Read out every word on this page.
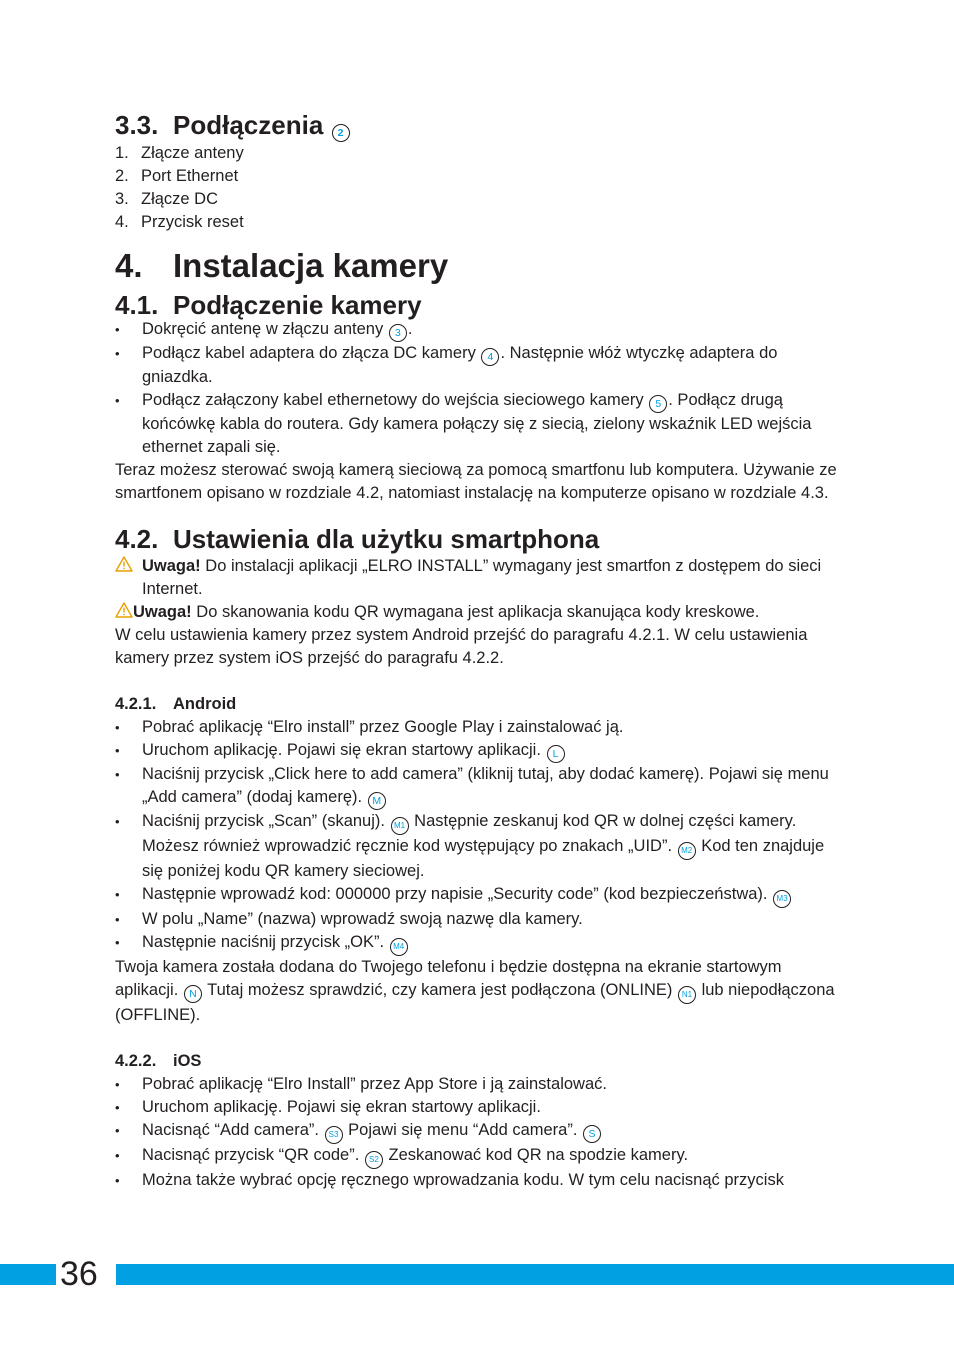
3.3. Podłączenia 2
1. Złącze anteny
2. Port Ethernet
3. Złącze DC
4. Przycisk reset
4. Instalacja kamery
4.1. Podłączenie kamery
• Dokręcić antenę w złączu anteny 3 .
• Podłącz kabel adaptera do złącza DC kamery 4 . Następnie włóż wtyczkę adaptera do gniazdka.
• Podłącz załączony kabel ethernetowy do wejścia sieciowego kamery 5 . Podłącz drugą końcówkę kabla do routera. Gdy kamera połączy się z siecią, zielony wskaźnik LED wejścia ethernet zapali się.

Teraz możesz sterować swoją kamerą sieciową za pomocą smartfonu lub komputera. Używanie ze smartfonem opisano w rozdziale 4.2, natomiast instalację na komputerze opisano w rozdziale 4.3.

4.2. Ustawienia dla użytku smartphona

Uwaga! Do instalacji aplikacji „ELRO INSTALL” wymagany jest smartfon z dostępem do sieci Internet.

Uwaga! Do skanowania kodu QR wymagana jest aplikacja skanująca kody kreskowe.

W celu ustawienia kamery przez system Android przejść do paragrafu 4.2.1. W celu ustawienia kamery przez system iOS przejść do paragrafu 4.2.2.

4.2.1. Android
• Pobrać aplikację “Elro install” przez Google Play i zainstalować ją.
• Uruchom aplikację. Pojawi się ekran startowy aplikacji. L
• Naciśnij przycisk „Click here to add camera” (kliknij tutaj, aby dodać kamerę). Pojawi się menu „Add camera” (dodaj kamerę). M
• Naciśnij przycisk „Scan” (skanuj). M1 Następnie zeskanuj kod QR w dolnej części kamery. Możesz również wprowadzić ręcznie kod występujący po znakach „UID”. M2 Kod ten znajduje się poniżej kodu QR kamery sieciowej.
• Następnie wprowadź kod: 000000 przy napisie „Security code” (kod bezpieczeństwa). M3
• W polu „Name” (nazwa) wprowadź swoją nazwę dla kamery.
• Następnie naciśnij przycisk „OK”. M4

Twoja kamera została dodana do Twojego telefonu i będzie dostępna na ekranie startowym aplikacji. N Tutaj możesz sprawdzić, czy kamera jest podłączona (ONLINE) N1 lub niepodłączona (OFFLINE).

4.2.2. iOS
• Pobrać aplikację “Elro Install” przez App Store i ją zainstalować.
• Uruchom aplikację. Pojawi się ekran startowy aplikacji.
• Nacisnąć “Add camera”. S3 Pojawi się menu “Add camera”. S
• Nacisnąć przycisk “QR code”. S2 Zeskanować kod QR na spodzie kamery.
• Można także wybrać opcję ręcznego wprowadzania kodu. W tym celu nacisnąć przycisk
36
